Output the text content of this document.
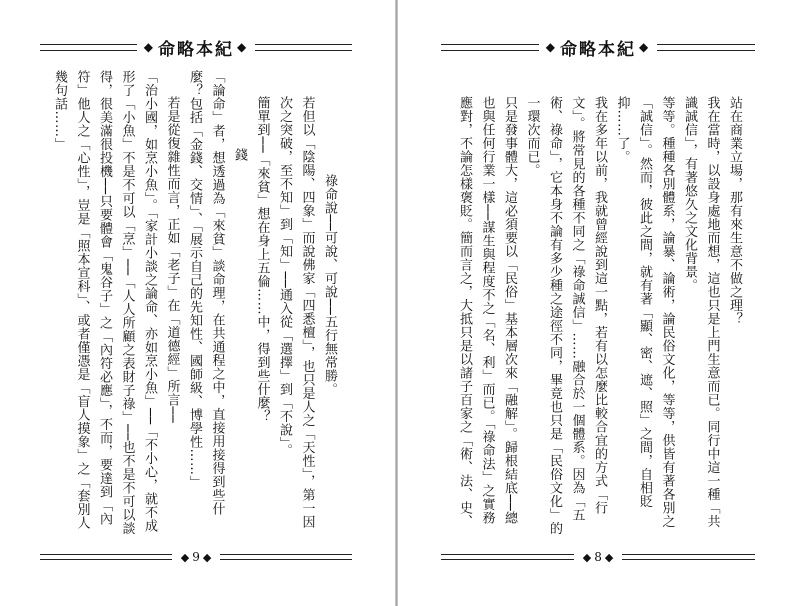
◆ 命略本紀 ◆

祿命說──可說、可說──五行無常勝。

若但以「陰陽、四象」而說佛家「四悉檀」，也只是人之「天性」，第一因次之突破，至不知」到「知」──通入從「選擇」到「不說」。

簡單到──「來貧」想在身上五倫……中，得到些什麼？

錢

「論命」者，想透過為「來貧」談命理，在共通程之中，直接用接得到些什麼？包括「金錢、交情」、「展示自己的先知性、國師級、博學性……」

若是從復雜性而言，正如「老子」在「道德經」所言──

「治小國，如烹小魚」。「家計小談之論命、亦如烹小魚」──「不小心，就不成形了「小魚」不是不可以「烹」──「人人所顧之表財子祿」──也不是不可以談得，很美滿很投機──只要體會「鬼谷子」之「內符必應」，不而，要達到「內符」他人之「心性」，豈是「照本宣科」、或者僅憑是「盲人摸象」之「套別人幾句話……」

◆ 9 ◆
◆ 命略本紀 ◆

站在商業立場，那有來生意不做之理？

我在當時，以設身處地而想，這也只是上門生意而已。同行中這一種「共識誠信」，有著悠久之文化背景。

等等。種種各別體系，論暴、論術，論民俗文化，等等，供皆有著各別之「誠信」。然而，彼此之間，就有著「顯、密、遮、照」之間，自相貶抑……了。

我在多年以前，我就曾經說到這一點，若有以怎麼比較合宜的方式「行文」。將常見的各種不同之「祿命誠信」……融合於一個體系。因為「五術、祿命」，它本身不論有多少種之途徑不同，畢竟也只是「民俗文化」的一環次而已。

只是發事體大，這必須要以「民俗」基本層次來「融解」。歸根結底──總也與任何行業一樣──謀生與程度不之「名、利」而已。「祿命法」之實務應對，不論怎樣褒貶。簡而言之，大抵只是以諸子百家之「術、法、史、

◆ 8 ◆
